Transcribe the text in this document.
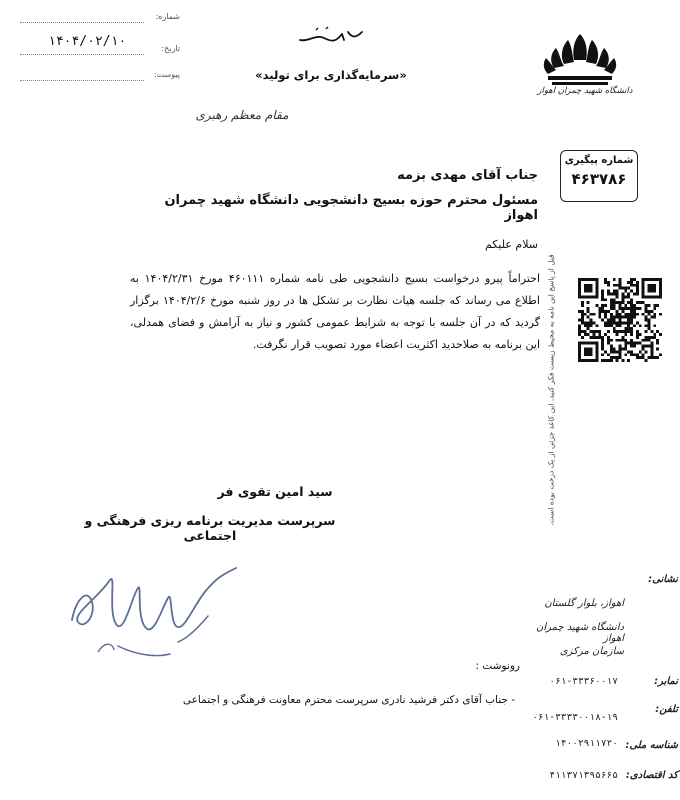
شماره:
تاریخ:
۱۴۰۴/۰۲/۱۰
پیوست:	«سرمایه‌گذاری برای تولید»
مقام معظم رهبری
دانشگاه شهید چمران اهواز
شماره پیگیری
۴۶۳۷۸۶
جناب آقای مهدی بزمه
مسئول محترم حوزه بسیج دانشجویی دانشگاه شهید چمران اهواز
سلام علیکم
احتراماً پیرو درخواست بسیج دانشجویی طی نامه شماره ۴۶۰۱۱۱ مورخ ۱۴۰۴/۲/۳۱ به اطلاع می رساند که جلسه هیات نظارت بر تشکل ها در روز شنبه مورخ ۱۴۰۴/۲/۶ برگزار گردید که در آن جلسه با توجه به شرایط عمومی کشور و نیاز به آرامش و فضای همدلی، این برنامه به صلاحدید اکثریت اعضاء مورد تصویب قرار نگرفت. قبل از پاسخ این نامه به محیط زیست فکر کنید. این کاغذ جزئی از یک درخت بوده است.
سید امین تقوی فر
سرپرست مدیریت برنامه ریزی فرهنگی و اجتماعی
رونوشت :
- جناب آقای دکتر فرشید نادری سرپرست محترم معاونت فرهنگی و اجتماعی
نشانی:
اهواز، بلوار گلستان
دانشگاه شهید چمران اهواز
سازمان مرکزی
نمابر:
۰۶۱-۳۳۳۶۰۰۱۷
تلفن:
۰۶۱-۳۳۳۳۰۰۱۸-۱۹
شناسه ملی:
۱۴۰۰۲۹۱۱۷۲۰
کد اقتصادی:
۴۱۱۳۷۱۳۹۵۶۶۵
